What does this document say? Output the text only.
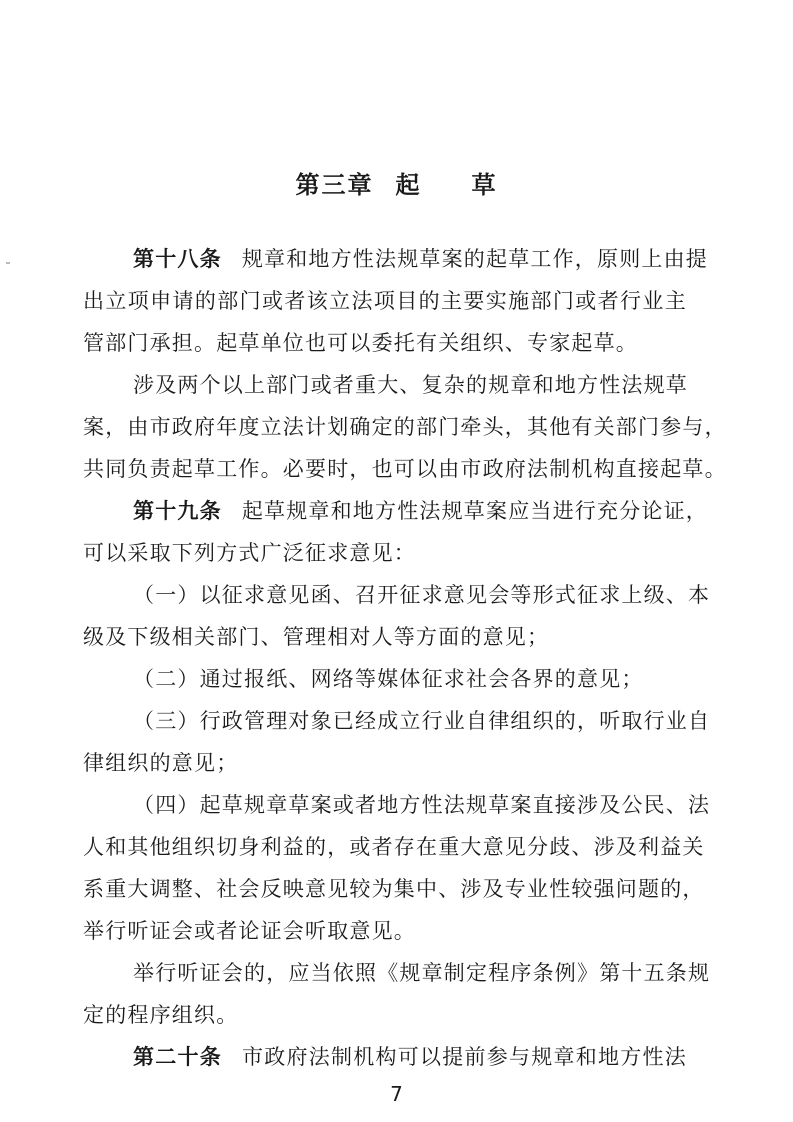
第三章 起 草
第十八条 规章和地方性法规草案的起草工作，原则上由提
出立项申请的部门或者该立法项目的主要实施部门或者行业主
管部门承担。起草单位也可以委托有关组织、专家起草。
涉及两个以上部门或者重大、复杂的规章和地方性法规草
案，由市政府年度立法计划确定的部门牵头，其他有关部门参与，
共同负责起草工作。必要时，也可以由市政府法制机构直接起草。
第十九条 起草规章和地方性法规草案应当进行充分论证，
可以采取下列方式广泛征求意见：
（一）以征求意见函、召开征求意见会等形式征求上级、本
级及下级相关部门、管理相对人等方面的意见；
（二）通过报纸、网络等媒体征求社会各界的意见；
（三）行政管理对象已经成立行业自律组织的，听取行业自
律组织的意见；
（四）起草规章草案或者地方性法规草案直接涉及公民、法
人和其他组织切身利益的，或者存在重大意见分歧、涉及利益关
系重大调整、社会反映意见较为集中、涉及专业性较强问题的，
举行听证会或者论证会听取意见。
举行听证会的，应当依照《规章制定程序条例》第十五条规
定的程序组织。
第二十条 市政府法制机构可以提前参与规章和地方性法
7
